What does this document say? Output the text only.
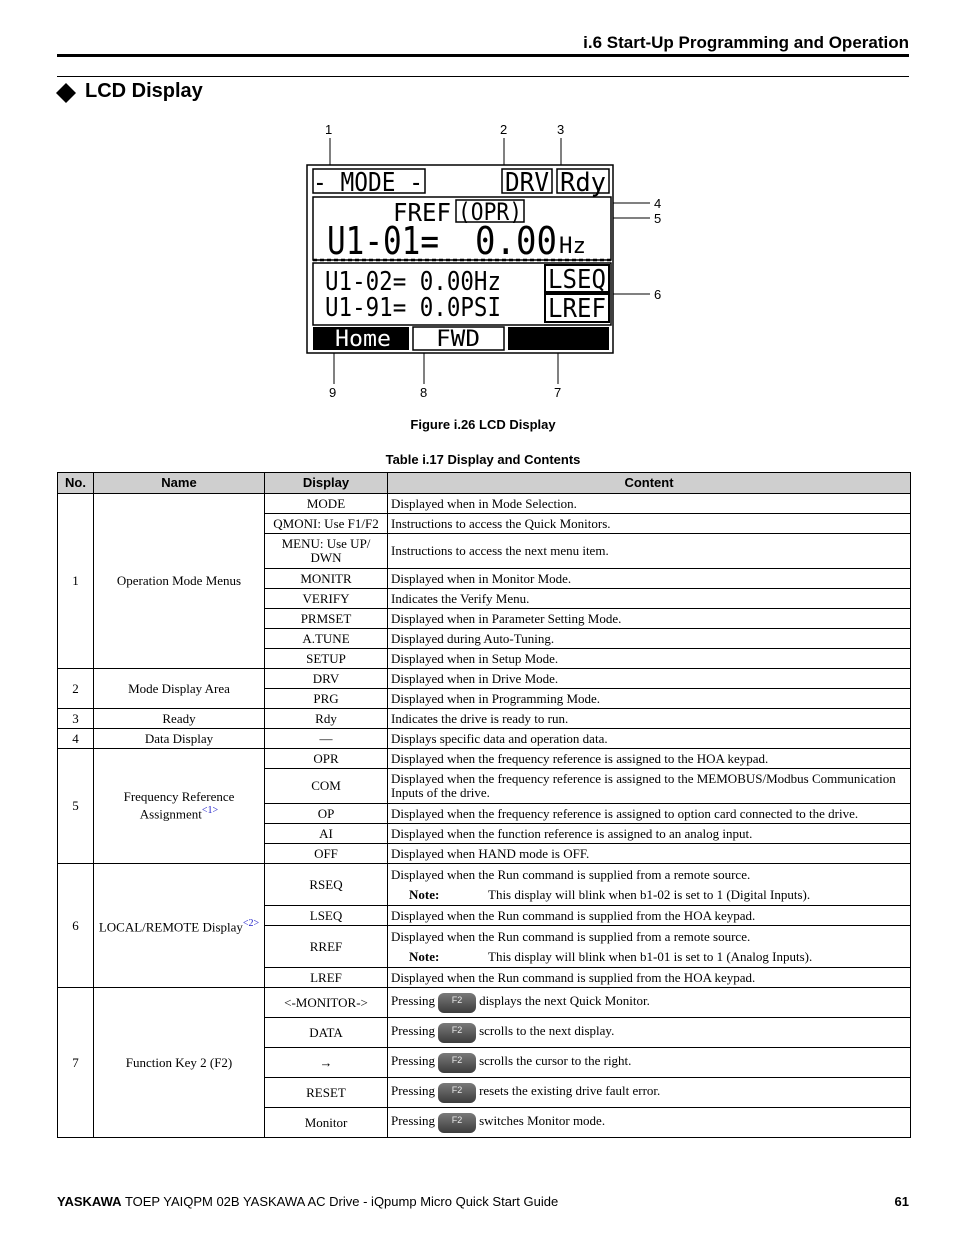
i.6 Start-Up Programming and Operation
LCD Display
1	2	3
4
5
6
9	8	7
- MODE -	DRV Rdy
FREF (OPR)
U1-01= 0.00 Hz
U1-02= 0.00Hz
U1-91= 0.0PSI
LSEQ
LREF
Home FWD
Figure i.26 LCD Display
Table i.17 Display and Contents
No.	Name	Display	Content
1	Operation Mode Menus	MODE	Displayed when in Mode Selection.

		QMONI: Use F1/F2	Instructions to access the Quick Monitors.

		MENU: Use UP/ DWN	Instructions to access the next menu item.

		MONITR	Displayed when in Monitor Mode.

		VERIFY	Indicates the Verify Menu.

		PRMSET	Displayed when in Parameter Setting Mode.

		A.TUNE	Displayed during Auto-Tuning.

		SETUP	Displayed when in Setup Mode.

2	Mode Display Area	DRV	Displayed when in Drive Mode.

		PRG	Displayed when in Programming Mode.

3	Ready	Rdy	Indicates the drive is ready to run.

4	Data Display	—	Displays specific data and operation data.

5	Frequency Reference Assignment$^{<1>}$	OPR	Displayed when the frequency reference is assigned to the HOA keypad.

		COM	Displayed when the frequency reference is assigned to the MEMOBUS/Modbus Communication Inputs of the drive.

		OP	Displayed when the frequency reference is assigned to option card connected to the drive.

		AI	Displayed when the function reference is assigned to an analog input.

		OFF	Displayed when HAND mode is OFF.

6	LOCAL/REMOTE Display$^{<2>}$	RSEQ	Displayed when the Run command is supplied from a remote source.
Note: This display will blink when b1-02 is set to 1 (Digital Inputs).

		LSEQ	Displayed when the Run command is supplied from the HOA keypad.

		RREF	Displayed when the Run command is supplied from a remote source.
Note: This display will blink when b1-01 is set to 1 (Analog Inputs).

		LREF	Displayed when the Run command is supplied from the HOA keypad.

7	Function Key 2 (F2)	<-MONITOR->	Pressing F2 displays the next Quick Monitor.
		DATA	Pressing F2 scrolls to the next display.
		→	Pressing F2 scrolls the cursor to the right.
		RESET	Pressing F2 resets the existing drive fault error.
		Monitor	Pressing F2 switches Monitor mode.
YASKAWA TOEP YAIQPM 02B YASKAWA AC Drive - iQpump Micro Quick Start Guide	61
